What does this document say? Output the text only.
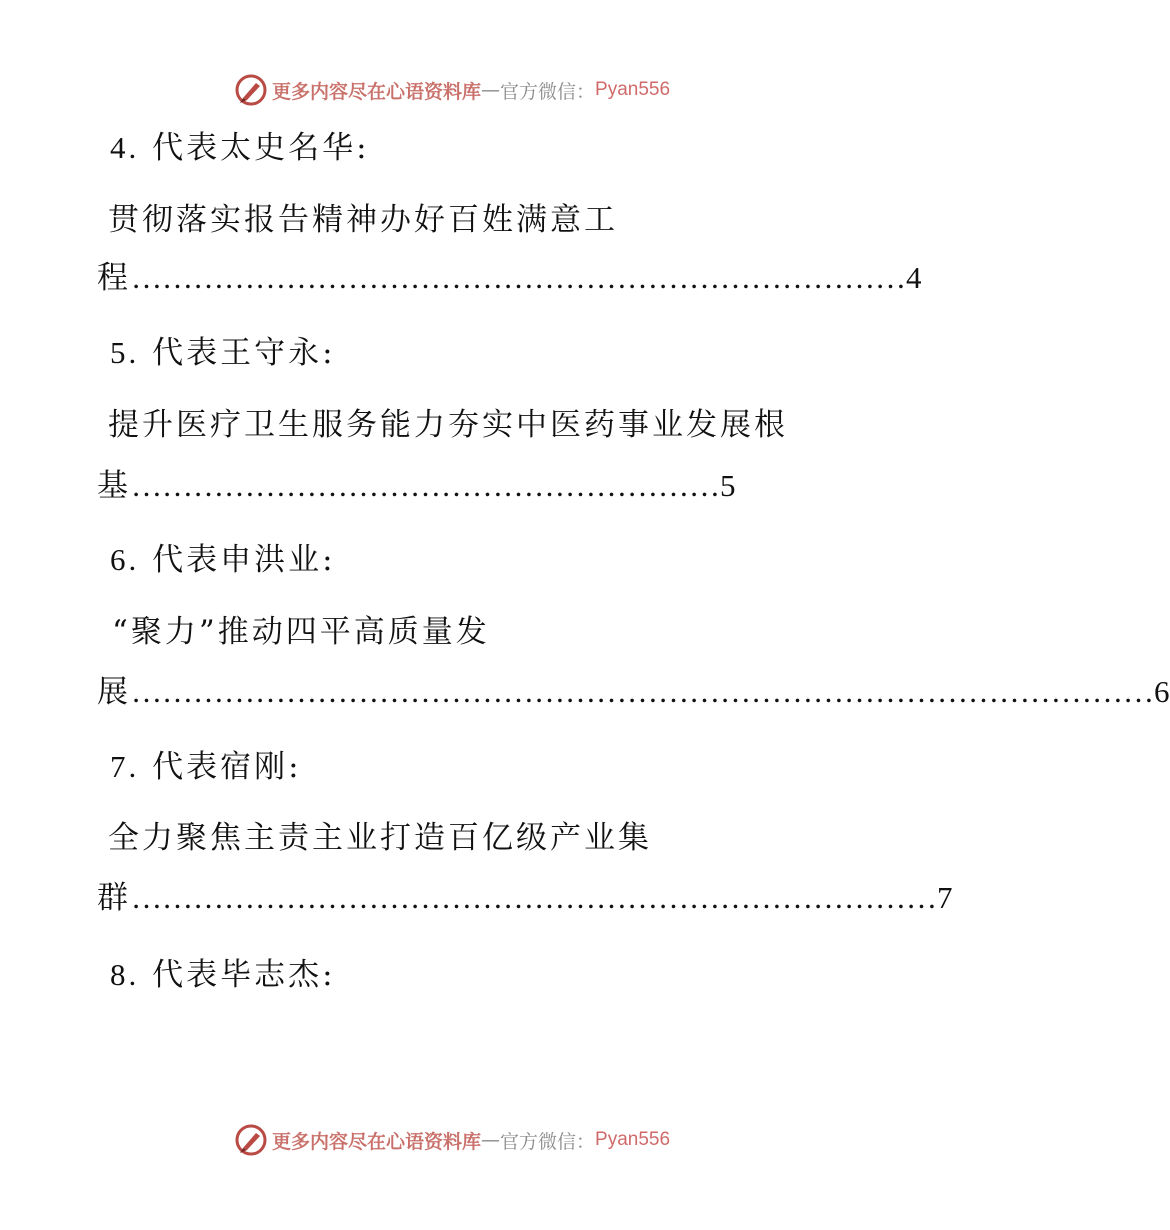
更多内容尽在心语资料库 — 官方微信： Pyan556
4. 代表太史名华:
贯彻落实报告精神办好百姓满意工
程…………………………………………………………………4
5. 代表王守永:
提升医疗卫生服务能力夯实中医药事业发展根
基…………………………………………………5
6. 代表申洪业:
“聚力”推动四平高质量发
展………………………………………………………………………………………6
7. 代表宿刚:
全力聚焦主责主业打造百亿级产业集
群……………………………………………………………………7
8. 代表毕志杰:
更多内容尽在心语资料库 — 官方微信： Pyan556
